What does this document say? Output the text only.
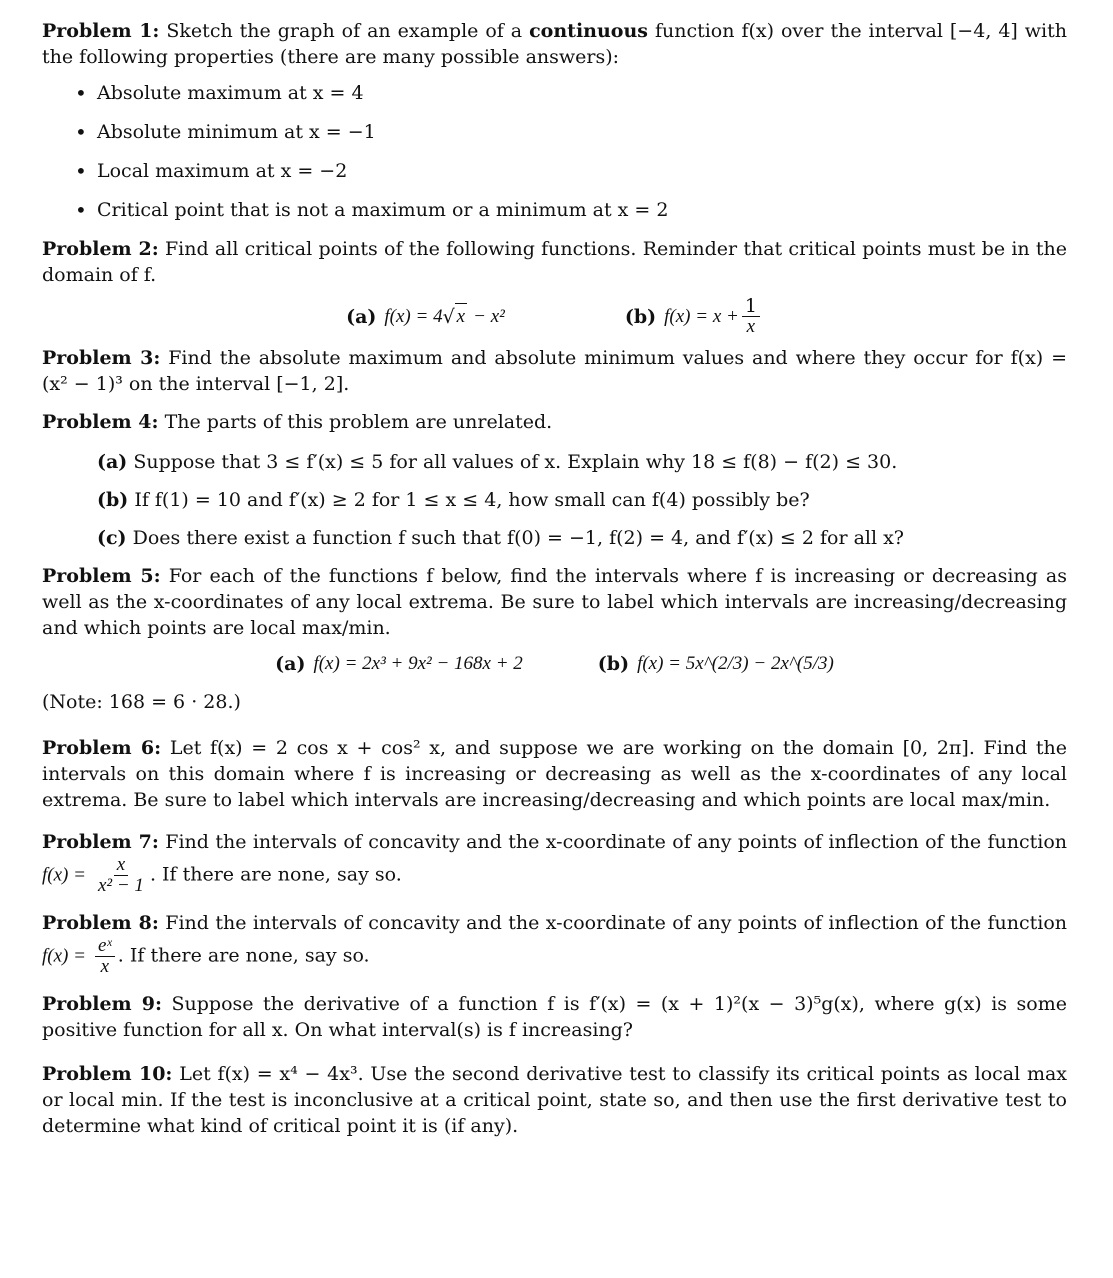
Problem 1: Sketch the graph of an example of a continuous function f(x) over the interval [−4, 4] with the following properties (there are many possible answers):

• Absolute maximum at x = 4
• Absolute minimum at x = −1
• Local maximum at x = −2
• Critical point that is not a maximum or a minimum at x = 2

Problem 2: Find all critical points of the following functions. Reminder that critical points must be in the domain of f.

(a) f(x) = 4 √ x
− x²	(b) $f(x) = x + \frac{1}{x}$

Problem 3: Find the absolute maximum and absolute minimum values and where they occur for f(x) = (x² − 1)³ on the interval [−1, 2].

Problem 4: The parts of this problem are unrelated.

(a) Suppose that 3 ≤ f′(x) ≤ 5 for all values of x. Explain why 18 ≤ f(8) − f(2) ≤ 30.

(b) If f(1) = 10 and f′(x) ≥ 2 for 1 ≤ x ≤ 4, how small can f(4) possibly be?

(c) Does there exist a function f such that f(0) = −1, f(2) = 4, and f′(x) ≤ 2 for all x?

Problem 5: For each of the functions f below, find the intervals where f is increasing or decreasing as well as the x-coordinates of any local extrema. Be sure to label which intervals are increasing/decreasing and which points are local max/min.

(a) f(x) = 2x³ + 9x² − 168x + 2	(b) f(x) = 5x^(2/3) − 2x^(5/3)

(Note: 168 = 6 · 28.)

Problem 6: Let f(x) = 2 cos x + cos² x, and suppose we are working on the domain [0, 2π]. Find the intervals on this domain where f is increasing or decreasing as well as the x-coordinates of any local extrema. Be sure to label which intervals are increasing/decreasing and which points are local max/min.

Problem 7: Find the intervals of concavity and the x-coordinate of any points of inflection of the function $f(x) = \frac{x}{\text{x² − 1}}$ . If there are none, say so.

Problem 8: Find the intervals of concavity and the x-coordinate of any points of inflection of the function $f(x) = \frac{\text{eˣ}}{x}$ . If there are none, say so.

Problem 9: Suppose the derivative of a function f is f′(x) = (x + 1)²(x − 3)⁵g(x), where g(x) is some positive function for all x. On what interval(s) is f increasing?

Problem 10: Let f(x) = x⁴ − 4x³. Use the second derivative test to classify its critical points as local max or local min. If the test is inconclusive at a critical point, state so, and then use the first derivative test to determine what kind of critical point it is (if any).
